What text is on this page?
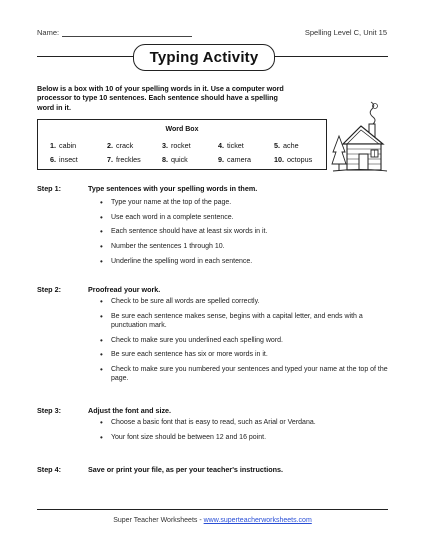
Name:	Spelling Level C, Unit 15
Typing Activity
Below is a box with 10 of your spelling words in it. Use a computer word processor to type 10 sentences. Each sentence should have a spelling word in it.
Word Box
1. cabin	2. crack	3. rocket	4. ticket	5. ache
6. insect	7. freckles	8. quick	9. camera	10. octopus
Step 1:	Type sentences with your spelling words in them.
• Type your name at the top of the page.
• Use each word in a complete sentence.
• Each sentence should have at least six words in it.
• Number the sentences 1 through 10.
• Underline the spelling word in each sentence.
Step 2:	Proofread your work.
• Check to be sure all words are spelled correctly.
• Be sure each sentence makes sense, begins with a capital letter, and ends with a punctuation mark.
• Check to make sure you underlined each spelling word.
• Be sure each sentence has six or more words in it.
• Check to make sure you numbered your sentences and typed your name at the top of the page.
Step 3:	Adjust the font and size.
• Choose a basic font that is easy to read, such as Arial or Verdana.
• Your font size should be between 12 and 16 point.
Step 4:	Save or print your file, as per your teacher's instructions.
Super Teacher Worksheets - www.superteacherworksheets.com
